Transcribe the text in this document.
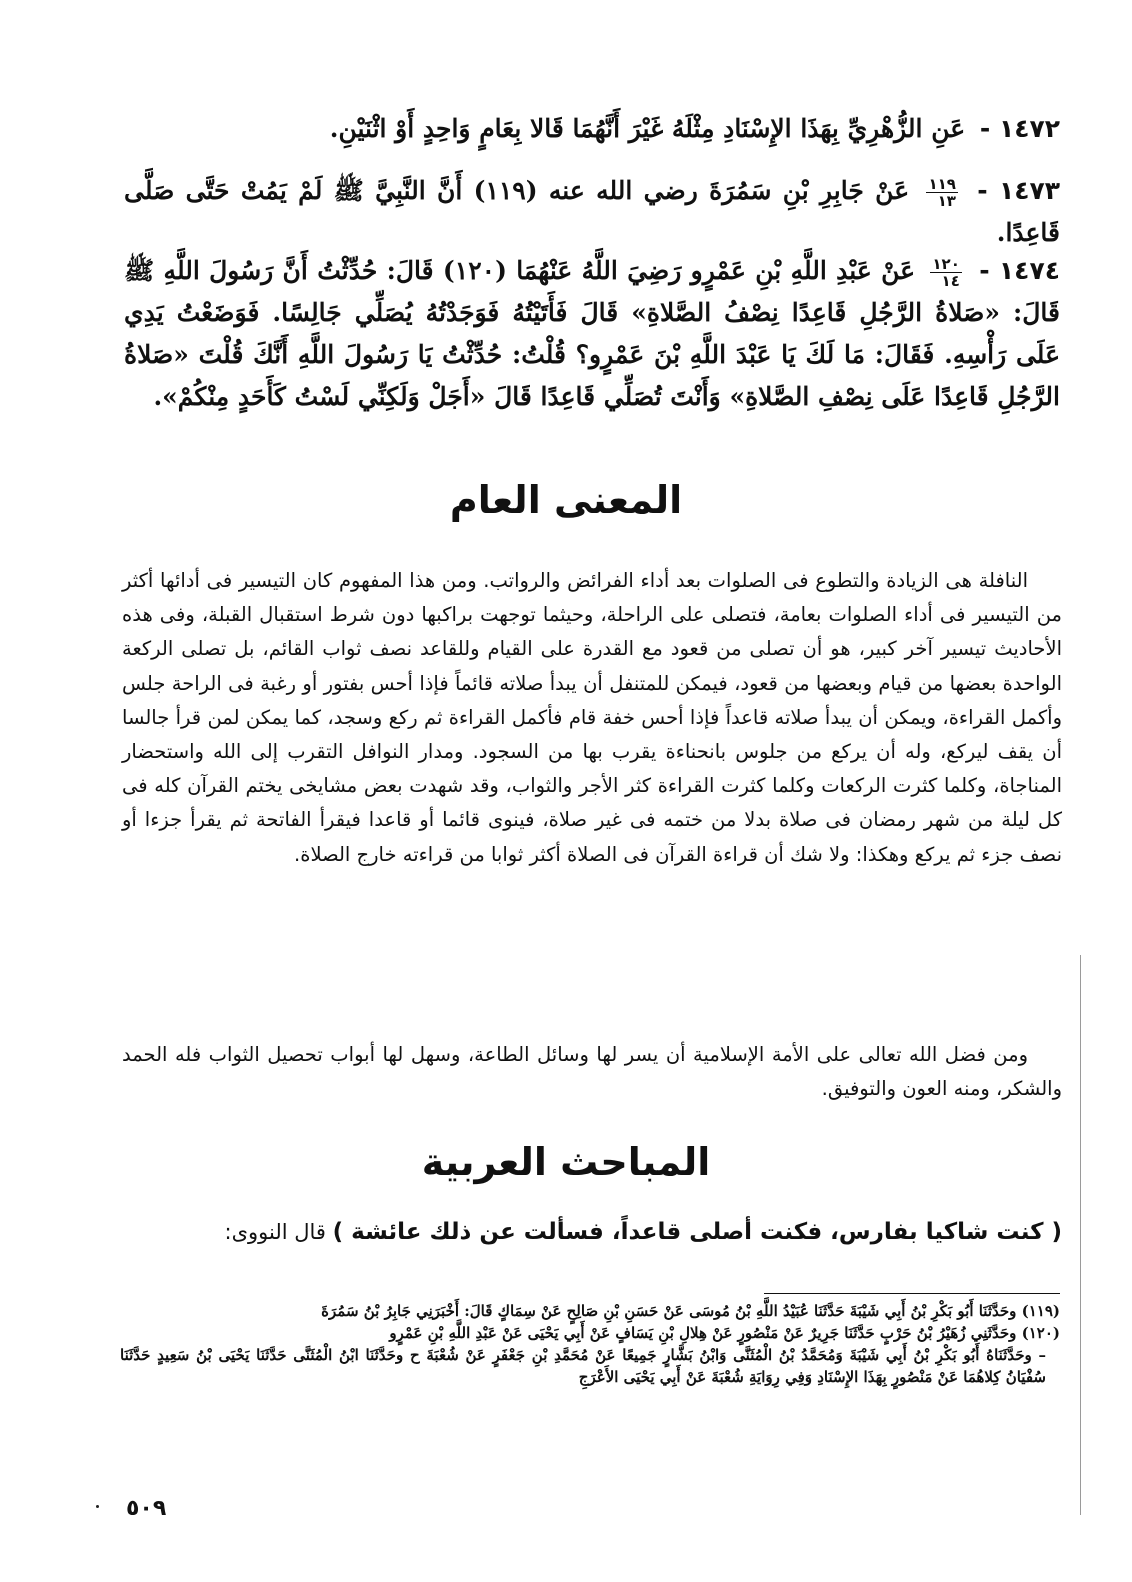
١٤٧٢ - عَنِ الزُّهْرِيِّ بِهَذَا الإِسْنَادِ مِثْلَهُ غَيْرَ أَنَّهُمَا قَالا بِعَامٍ وَاحِدٍ أَوْ اثْنَيْنِ.
١٤٧٣ -
$\frac{١١٩}{١٣}$
عَنْ جَابِرِ بْنِ سَمُرَةَ رضي الله عنه (١١٩) أَنَّ النَّبِيَّ ﷺ لَمْ يَمُتْ حَتَّى صَلَّى قَاعِدًا.
١٤٧٤ -
$\frac{١٢٠}{١٤}$
عَنْ عَبْدِ اللَّهِ بْنِ عَمْرٍو رَضِيَ اللَّهُ عَنْهُمَا (١٢٠) قَالَ: حُدِّثْتُ أَنَّ رَسُولَ اللَّهِ ﷺ قَالَ: «صَلاةُ الرَّجُلِ قَاعِدًا نِصْفُ الصَّلاةِ» قَالَ فَأَتَيْتُهُ فَوَجَدْتُهُ يُصَلِّي جَالِسًا. فَوَضَعْتُ يَدِي عَلَى رَأْسِهِ. فَقَالَ: مَا لَكَ يَا عَبْدَ اللَّهِ بْنَ عَمْرٍو؟ قُلْتُ: حُدِّثْتُ يَا رَسُولَ اللَّهِ أَنَّكَ قُلْتَ «صَلاةُ الرَّجُلِ قَاعِدًا عَلَى نِصْفِ الصَّلاةِ» وَأَنْتَ تُصَلِّي قَاعِدًا قَالَ «أَجَلْ وَلَكِنِّي لَسْتُ كَأَحَدٍ مِنْكُمْ».
المعنى العام
النافلة هى الزيادة والتطوع فى الصلوات بعد أداء الفرائض والرواتب. ومن هذا المفهوم كان التيسير فى أدائها أكثر من التيسير فى أداء الصلوات بعامة، فتصلى على الراحلة، وحيثما توجهت براكبها دون شرط استقبال القبلة، وفى هذه الأحاديث تيسير آخر كبير، هو أن تصلى من قعود مع القدرة على القيام وللقاعد نصف ثواب القائم، بل تصلى الركعة الواحدة بعضها من قيام وبعضها من قعود، فيمكن للمتنفل أن يبدأ صلاته قائماً فإذا أحس بفتور أو رغبة فى الراحة جلس وأكمل القراءة، ويمكن أن يبدأ صلاته قاعداً فإذا أحس خفة قام فأكمل القراءة ثم ركع وسجد، كما يمكن لمن قرأ جالسا أن يقف ليركع، وله أن يركع من جلوس بانحناءة يقرب بها من السجود. ومدار النوافل التقرب إلى الله واستحضار المناجاة، وكلما كثرت الركعات وكلما كثرت القراءة كثر الأجر والثواب، وقد شهدت بعض مشايخى يختم القرآن كله فى كل ليلة من شهر رمضان فى صلاة بدلا من ختمه فى غير صلاة، فينوى قائما أو قاعدا فيقرأ الفاتحة ثم يقرأ جزءا أو نصف جزء ثم يركع وهكذا: ولا شك أن قراءة القرآن فى الصلاة أكثر ثوابا من قراءته خارج الصلاة.
ومن فضل الله تعالى على الأمة الإسلامية أن يسر لها وسائل الطاعة، وسهل لها أبواب تحصيل الثواب فله الحمد والشكر، ومنه العون والتوفيق.
المباحث العربية
( كنت شاكيا بفارس، فكنت أصلى قاعداً، فسألت عن ذلك عائشة ) قال النووى:
(١١٩) وحَدَّثَنَا أَبُو بَكْرِ بْنُ أَبِي شَيْبَةَ حَدَّثَنَا عُبَيْدُ اللَّهِ بْنُ مُوسَى عَنْ حَسَنِ بْنِ صَالِحٍ عَنْ سِمَاكٍ قَالَ: أَخْبَرَنِي جَابِرُ بْنُ سَمُرَةَ
(١٢٠) وحَدَّثَنِي زُهَيْرُ بْنُ حَرْبٍ حَدَّثَنَا جَرِيرٌ عَنْ مَنْصُورٍ عَنْ هِلالِ بْنِ يَسَافٍ عَنْ أَبِي يَحْيَى عَنْ عَبْدِ اللَّهِ بْنِ عَمْرٍو
– وحَدَّثَنَاهُ أَبُو بَكْرِ بْنُ أَبِي شَيْبَةَ وَمُحَمَّدُ بْنُ الْمُثَنَّى وَابْنُ بَشَّارٍ جَمِيعًا عَنْ مُحَمَّدِ بْنِ جَعْفَرٍ عَنْ شُعْبَةَ ح وحَدَّثَنَا ابْنُ الْمُثَنَّى حَدَّثَنَا يَحْيَى بْنُ سَعِيدٍ حَدَّثَنَا سُفْيَانُ كِلاهُمَا عَنْ مَنْصُورٍ بِهَذَا الإِسْنَادِ وَفِي رِوَايَةِ شُعْبَةَ عَنْ أَبِي يَحْيَى الأَعْرَجِ
٥٠٩
